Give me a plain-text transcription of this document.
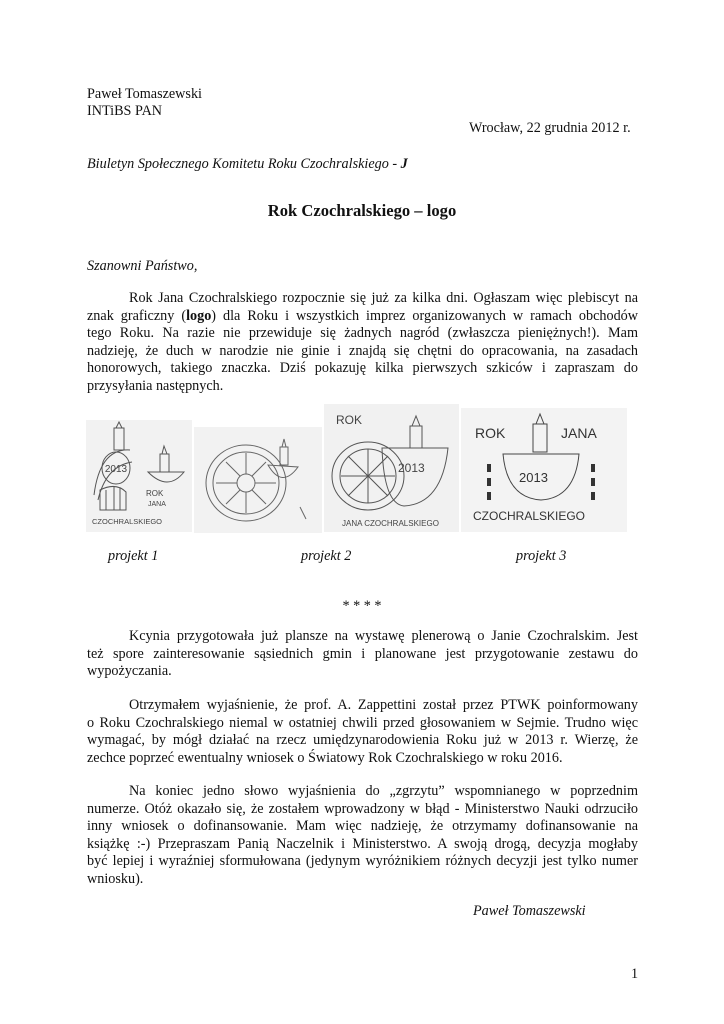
Paweł Tomaszewski
INTiBS PAN
Wrocław, 22 grudnia 2012 r.
Biuletyn Społecznego Komitetu Roku Czochralskiego - J
Rok Czochralskiego – logo
Szanowni Państwo,
Rok Jana Czochralskiego rozpocznie się już za kilka dni. Ogłaszam więc plebiscyt na
znak graficzny (logo) dla Roku i wszystkich imprez organizowanych w ramach obchodów
tego Roku. Na razie nie przewiduje się żadnych nagród (zwłaszcza pieniężnych!). Mam
nadzieję, że duch w narodzie nie ginie i znajdą się chętni do opracowania, na zasadach
honorowych, takiego znaczka. Dziś pokazuję kilka pierwszych szkiców i zapraszam do
przysyłania następnych.
2013
ROK
JANA
CZOCHRALSKIEGO
ROK
2013
JANA CZOCHRALSKIEGO
ROK	JANA
2013
CZOCHRALSKIEGO
projekt 1	projekt 2	projekt 3
* * * *
Kcynia przygotowała już plansze na wystawę plenerową o Janie Czochralskim. Jest
też spore zainteresowanie sąsiednich gmin i planowane jest przygotowanie zestawu do
wypożyczania.
Otrzymałem wyjaśnienie, że prof. A. Zappettini został przez PTWK poinformowany
o Roku Czochralskiego niemal w ostatniej chwili przed głosowaniem w Sejmie. Trudno więc
wymagać, by mógł działać na rzecz umiędzynarodowienia Roku już w 2013 r. Wierzę, że
zechce poprzeć ewentualny wniosek o Światowy Rok Czochralskiego w roku 2016.
Na koniec jedno słowo wyjaśnienia do „zgrzytu” wspomnianego w poprzednim
numerze. Otóż okazało się, że zostałem wprowadzony w błąd - Ministerstwo Nauki odrzuciło
inny wniosek o dofinansowanie. Mam więc nadzieję, że otrzymamy dofinansowanie na
książkę :-) Przepraszam Panią Naczelnik i Ministerstwo. A swoją drogą, decyzja mogłaby
być lepiej i wyraźniej sformułowana (jedynym wyróżnikiem różnych decyzji jest tylko numer
wniosku).
Paweł Tomaszewski
1
